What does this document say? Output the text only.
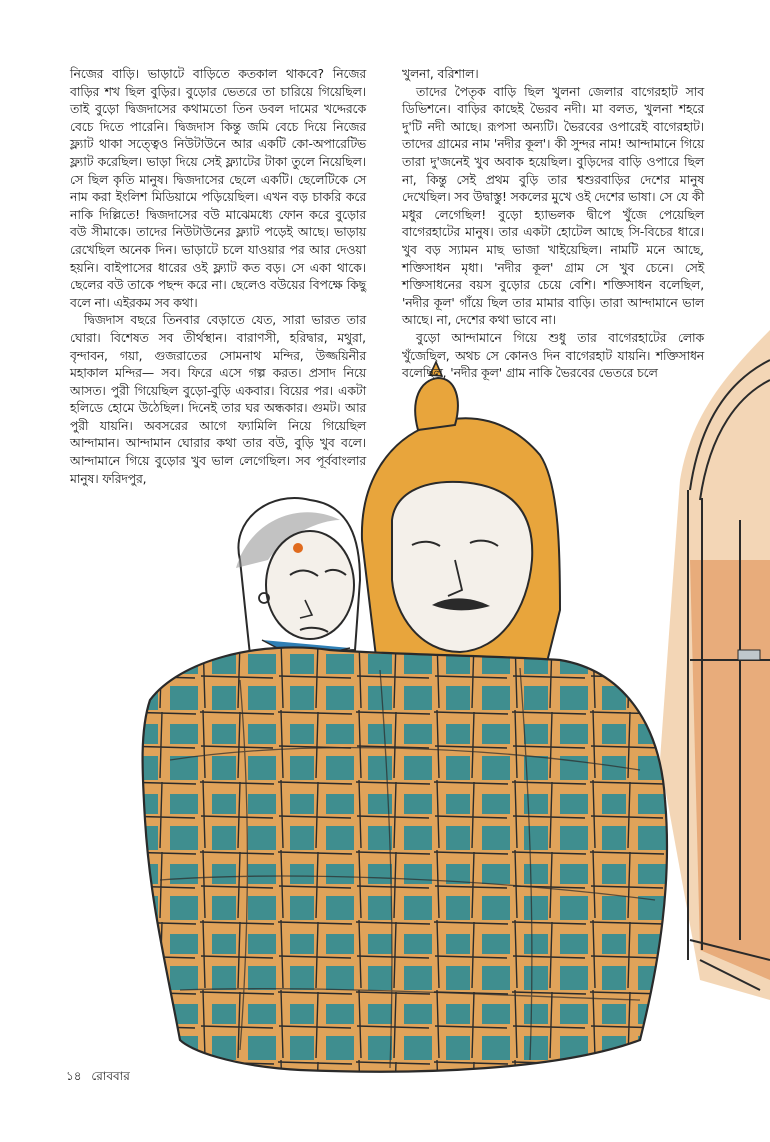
নিজের বাড়ি। ভাড়াটে বাড়িতে কতকাল থাকবে? নিজের বাড়ির শখ ছিল বুড়ির। বুড়োর ভেতরে তা চারিয়ে গিয়েছিল। তাই বুড়ো দ্বিজদাসের কথামতো তিন ডবল দামের খদ্দেরকে বেচে দিতে পারেনি। দ্বিজদাস কিন্তু জমি বেচে দিয়ে নিজের ফ্ল্যাট থাকা সত্ত্বেও নিউটাউনে আর একটি কো-অপারেটিভ ফ্ল্যাট করেছিল। ভাড়া দিয়ে সেই ফ্ল্যাটের টাকা তুলে নিয়েছিল। সে ছিল কৃতি মানুষ। দ্বিজদাসের ছেলে একটি। ছেলেটিকে সে নাম করা ইংলিশ মিডিয়ামে পড়িয়েছিল। এখন বড় চাকরি করে নাকি দিল্লিতে! দ্বিজদাসের বউ মাঝেমধ্যে ফোন করে বুড়োর বউ সীমাকে। তাদের নিউটাউনের ফ্ল্যাট পড়েই আছে। ভাড়ায় রেখেছিল অনেক দিন। ভাড়াটে চলে যাওয়ার পর আর দেওয়া হয়নি। বাইপাসের ধারের ওই ফ্ল্যাট কত বড়। সে একা থাকে। ছেলের বউ তাকে পছন্দ করে না। ছেলেও বউয়ের বিপক্ষে কিছু বলে না। এইরকম সব কথা।

দ্বিজদাস বছরে তিনবার বেড়াতে যেত, সারা ভারত তার ঘোরা। বিশেষত সব তীর্থস্থান। বারাণসী, হরিদ্বার, মথুরা, বৃন্দাবন, গয়া, গুজরাতের সোমনাথ মন্দির, উজ্জয়িনীর মহাকাল মন্দির— সব। ফিরে এসে গল্প করত। প্রসাদ নিয়ে আসত। পুরী গিয়েছিল বুড়ো-বুড়ি একবার। বিয়ের পর। একটা হলিডে হোমে উঠেছিল। দিনেই তার ঘর অন্ধকার। গুমট। আর পুরী যায়নি। অবসরের আগে ফ্যামিলি নিয়ে গিয়েছিল আন্দামান। আন্দামান ঘোরার কথা তার বউ, বুড়ি খুব বলে। আন্দামানে গিয়ে বুড়োর খুব ভাল লেগেছিল। সব পূর্ববাংলার মানুষ। ফরিদপুর,

খুলনা, বরিশাল।

তাদের পৈতৃক বাড়ি ছিল খুলনা জেলার বাগেরহাট সাব ডিভিশনে। বাড়ির কাছেই ভৈরব নদী। মা বলত, খুলনা শহরে দু'টি নদী আছে। রূপসা অন্যটি। ভৈরবের ওপারেই বাগেরহাট। তাদের গ্রামের নাম 'নদীর কূল'। কী সুন্দর নাম! আন্দামানে গিয়ে তারা দু'জনেই খুব অবাক হয়েছিল। বুড়িদের বাড়ি ওপারে ছিল না, কিন্তু সেই প্রথম বুড়ি তার শ্বশুরবাড়ির দেশের মানুষ দেখেছিল। সব উদ্বাস্তু! সকলের মুখে ওই দেশের ভাষা। সে যে কী মধুর লেগেছিল! বুড়ো হ্যাভলক দ্বীপে খুঁজে পেয়েছিল বাগেরহাটের মানুষ। তার একটা হোটেল আছে সি-বিচের ধারে। খুব বড় স্যামন মাছ ভাজা খাইয়েছিল। নামটি মনে আছে, শক্তিসাধন মৃধা। 'নদীর কূল' গ্রাম সে খুব চেনে। সেই শক্তিসাধনের বয়স বুড়োর চেয়ে বেশি। শক্তিসাধন বলেছিল, 'নদীর কূল' গাঁয়ে ছিল তার মামার বাড়ি। তারা আন্দামানে ভাল আছে। না, দেশের কথা ভাবে না।

বুড়ো আন্দামানে গিয়ে শুধু তার বাগেরহাটের লোক খুঁজেছিল, অথচ সে কোনও দিন বাগেরহাট যায়নি। শক্তিসাধন বলেছিল, 'নদীর কূল' গ্রাম নাকি ভৈরবের ভেতরে চলে

১৪ রোববার
